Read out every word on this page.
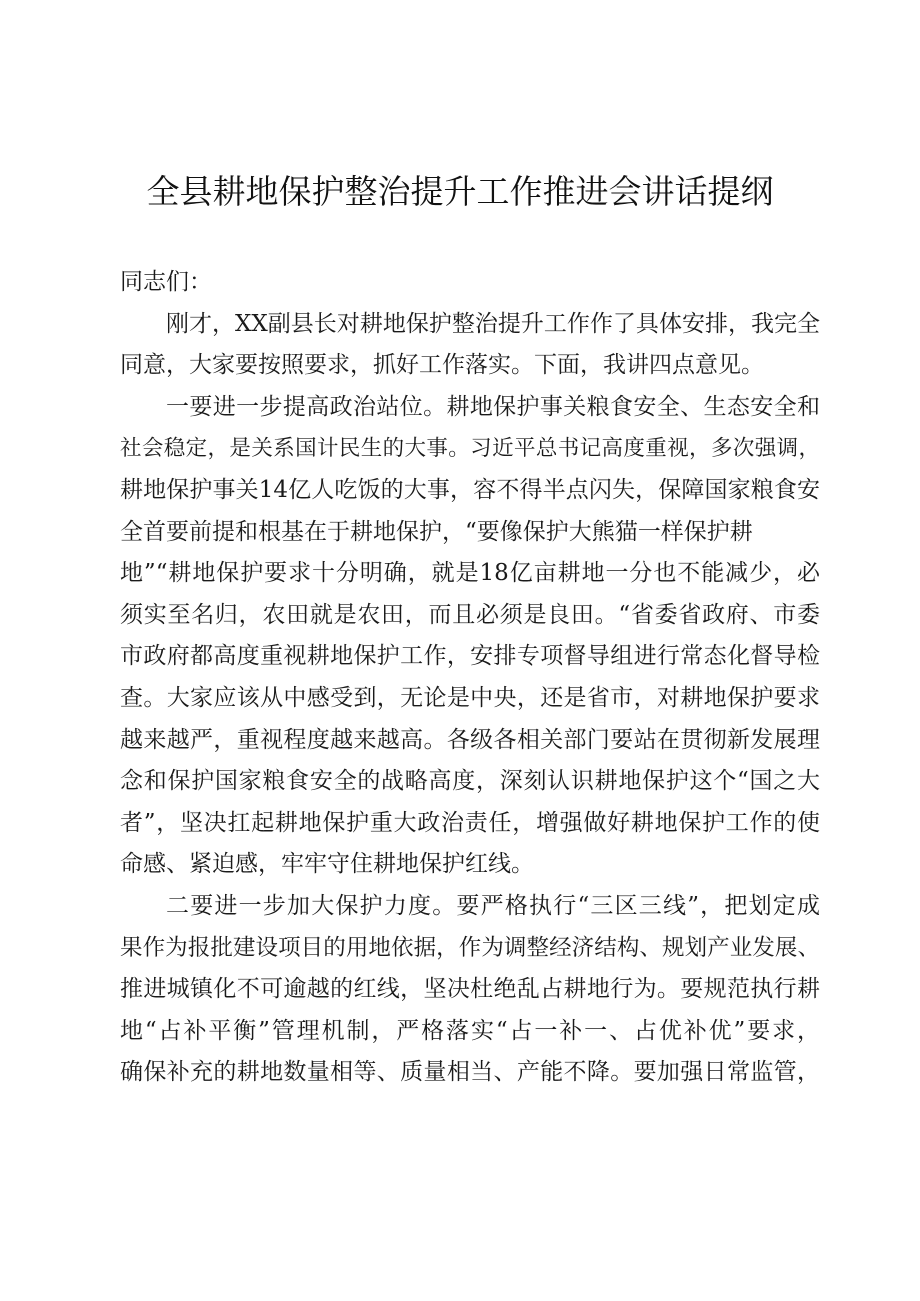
全县耕地保护整治提升工作推进会讲话提纲
同志们：
刚才，XX副县长对耕地保护整治提升工作作了具体安排，我完全
同意，大家要按照要求，抓好工作落实。下面，我讲四点意见。
一要进一步提高政治站位。耕地保护事关粮食安全、生态安全和
社会稳定，是关系国计民生的大事。习近平总书记高度重视，多次强调，
耕地保护事关14亿人吃饭的大事，容不得半点闪失，保障国家粮食安
全首要前提和根基在于耕地保护，“要像保护大熊猫一样保护耕
地”“耕地保护要求十分明确，就是18亿亩耕地一分也不能减少，必
须实至名归，农田就是农田，而且必须是良田。“省委省政府、市委
市政府都高度重视耕地保护工作，安排专项督导组进行常态化督导检
查。大家应该从中感受到，无论是中央，还是省市，对耕地保护要求
越来越严，重视程度越来越高。各级各相关部门要站在贯彻新发展理
念和保护国家粮食安全的战略高度，深刻认识耕地保护这个“国之大
者”，坚决扛起耕地保护重大政治责任，增强做好耕地保护工作的使
命感、紧迫感，牢牢守住耕地保护红线。
二要进一步加大保护力度。要严格执行“三区三线”，把划定成
果作为报批建设项目的用地依据，作为调整经济结构、规划产业发展、
推进城镇化不可逾越的红线，坚决杜绝乱占耕地行为。要规范执行耕
地“占补平衡”管理机制，严格落实“占一补一、占优补优”要求，
确保补充的耕地数量相等、质量相当、产能不降。要加强日常监管，
